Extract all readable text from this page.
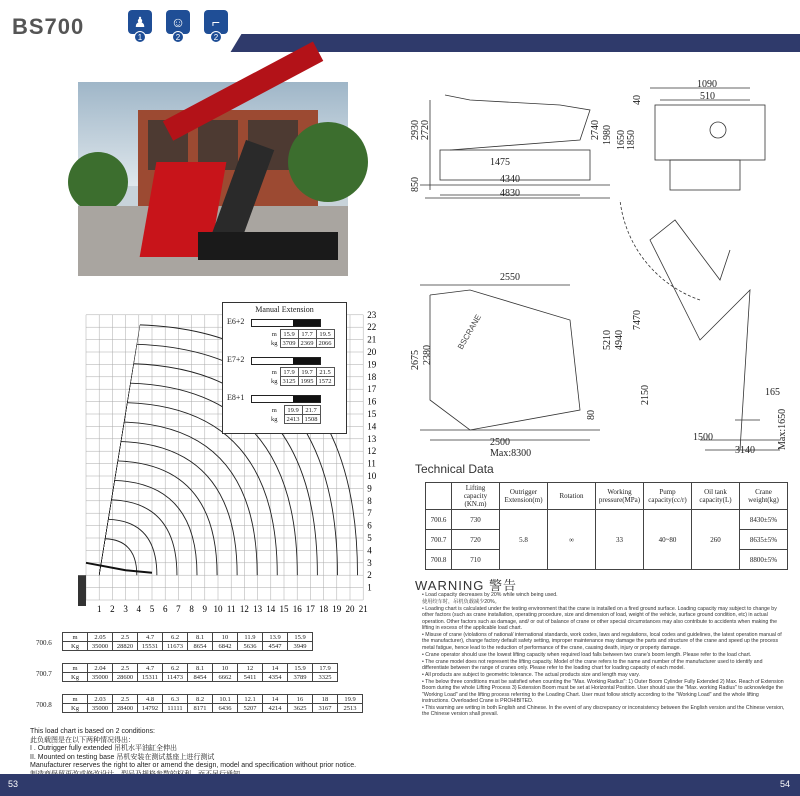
BS700	♟
1
☺
2
⌐
2
1 2 3 4 5 6 7 8 9 10 11 12 13 14 15 16 17 18 19 20 21
1
2
3
4
5
6
7
8
9
10
11
12
13
14
15
16
17
18
19
20
21
22
23
Manual Extension
E6+2
m	15.9	17.7	19.5
kg	3709	2369	2066
E7+2
m	17.9	19.7	21.5
kg	3125	1995	1572
E8+1
m		19.9	21.7
kg		2413	1508
700.6
m	2.05	2.5	4.7	6.2	8.1	10	11.9	13.9	15.9
Kg	35000	28820	15531	11673	8654	6842	5636	4547	3949
700.7
m	2.04	2.5	4.7	6.2	8.1	10	12	14	15.9	17.9
Kg	35000	28600	15311	11473	8454	6662	5411	4354	3789	3325
700.8
m	2.03	2.5	4.8	6.3	8.2	10.1	12.1	14	16	18	19.9
Kg	35000	28400	14792	11111	8171	6436	5207	4214	3625	3167	2513
This load chart is based on 2 conditions:
此负载图是在以下两种情况得出：
I . Outrigger fully extended 吊机水平油缸全伸出
II. Mounted on testing base 吊机安装在测试基座上进行测试
Manufacturer reserves the right to alter or amend the design, model and specification without prior notice.
2930 2720	1980
2740
1475
4340
4830
850
1090
510
40
1650 1850
2550
2675 2380
2500
Max:8300
80
7470
5210 4940
2150
1500
165
3140
Max:1650
BSCRANE
Technical Data
	Lifting capacity (KN.m)	Outrigger Extension(m)	Rotation	Working pressure(MPa)	Pump capacity(cc/r)	Oil tank capacity(L)	Crane weight(kg)
700.6	730	5.8	∞	33	40~80	260	8430±5%
700.7	720						8635±5%
700.8	710						8800±5%
WARNING 警告
• Load capacity decreases by 20% while winch being used.
使用绞车时，吊机负载减少20%。
• Loading chart is calculated under the testing environment that the crane is installed on a fired ground surface. Loading capacity may subject to change by other factors (such as crane installation, operating procedure, size and dimension of load, weight of the vehicle, surface ground condition, etc) in actual operation. Other factors such as damage, and/ or out of balance of crane or other special circumstances may also contribute to accidents when making the lifting in excess of the applicable load chart.
• Misuse of crane (violations of national/ international standards, work codes, laws and regulations, local codes and guidelines, the latest operation manual of the manufacturer), change factory default safety setting, improper maintenance may damage the parts and structure of the crane and speed up the process metal fatigue, hence lead to the reduction of performance of the crane, causing death, injury or property damage.
• Crane operator should use the lowest lifting capacity when required load falls between two crane's boom length. Please refer to the load chart.
• The crane model does not represent the lifting capacity. Model of the crane refers to the name and number of the manufacturer used to identify and differentiate between the range of cranes only. Please refer to the loading chart for loading capacity of each model.
• All products are subject to geometric tolerance. The actual products size and length may vary.
• The below three conditions must be satisfied when counting the "Max. Working Radius": 1) Outer Boom Cylinder Fully Extended 2) Max. Reach of Extension Boom during the whole Lifting Process 3) Extension Boom must be set at Horizontal Position. User should use the "Max. working Radius" to acknowledge the "Working Load" and the lifting process referring to the Loading Chart. User must follow strictly according to the "Working Load" and the whole lifting instructions. Overloaded Crane is PROHIBITED.
• This warning are writing in both English and Chinese. In the event of any discrepancy or inconsistency between the English version and the Chinese version, the Chinese version shall prevail.
53	54
